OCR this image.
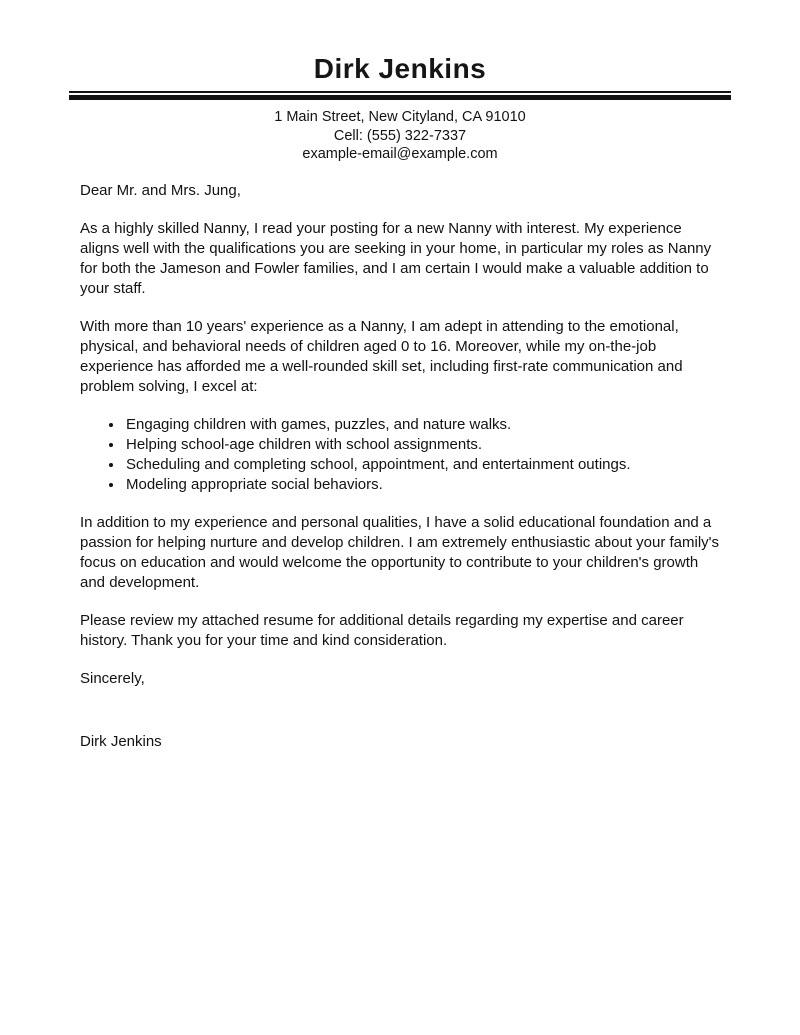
Dirk Jenkins
1 Main Street, New Cityland, CA 91010
Cell: (555) 322-7337
example-email@example.com

Dear Mr. and Mrs. Jung,

As a highly skilled Nanny, I read your posting for a new Nanny with interest. My experience aligns well with the qualifications you are seeking in your home, in particular my roles as Nanny for both the Jameson and Fowler families, and I am certain I would make a valuable addition to your staff.

With more than 10 years' experience as a Nanny, I am adept in attending to the emotional, physical, and behavioral needs of children aged 0 to 16. Moreover, while my on-the-job experience has afforded me a well-rounded skill set, including first-rate communication and problem solving, I excel at:

• Engaging children with games, puzzles, and nature walks.
• Helping school-age children with school assignments.
• Scheduling and completing school, appointment, and entertainment outings.
• Modeling appropriate social behaviors.

In addition to my experience and personal qualities, I have a solid educational foundation and a passion for helping nurture and develop children. I am extremely enthusiastic about your family's focus on education and would welcome the opportunity to contribute to your children's growth and development.

Please review my attached resume for additional details regarding my expertise and career history. Thank you for your time and kind consideration.

Sincerely,

Dirk Jenkins
